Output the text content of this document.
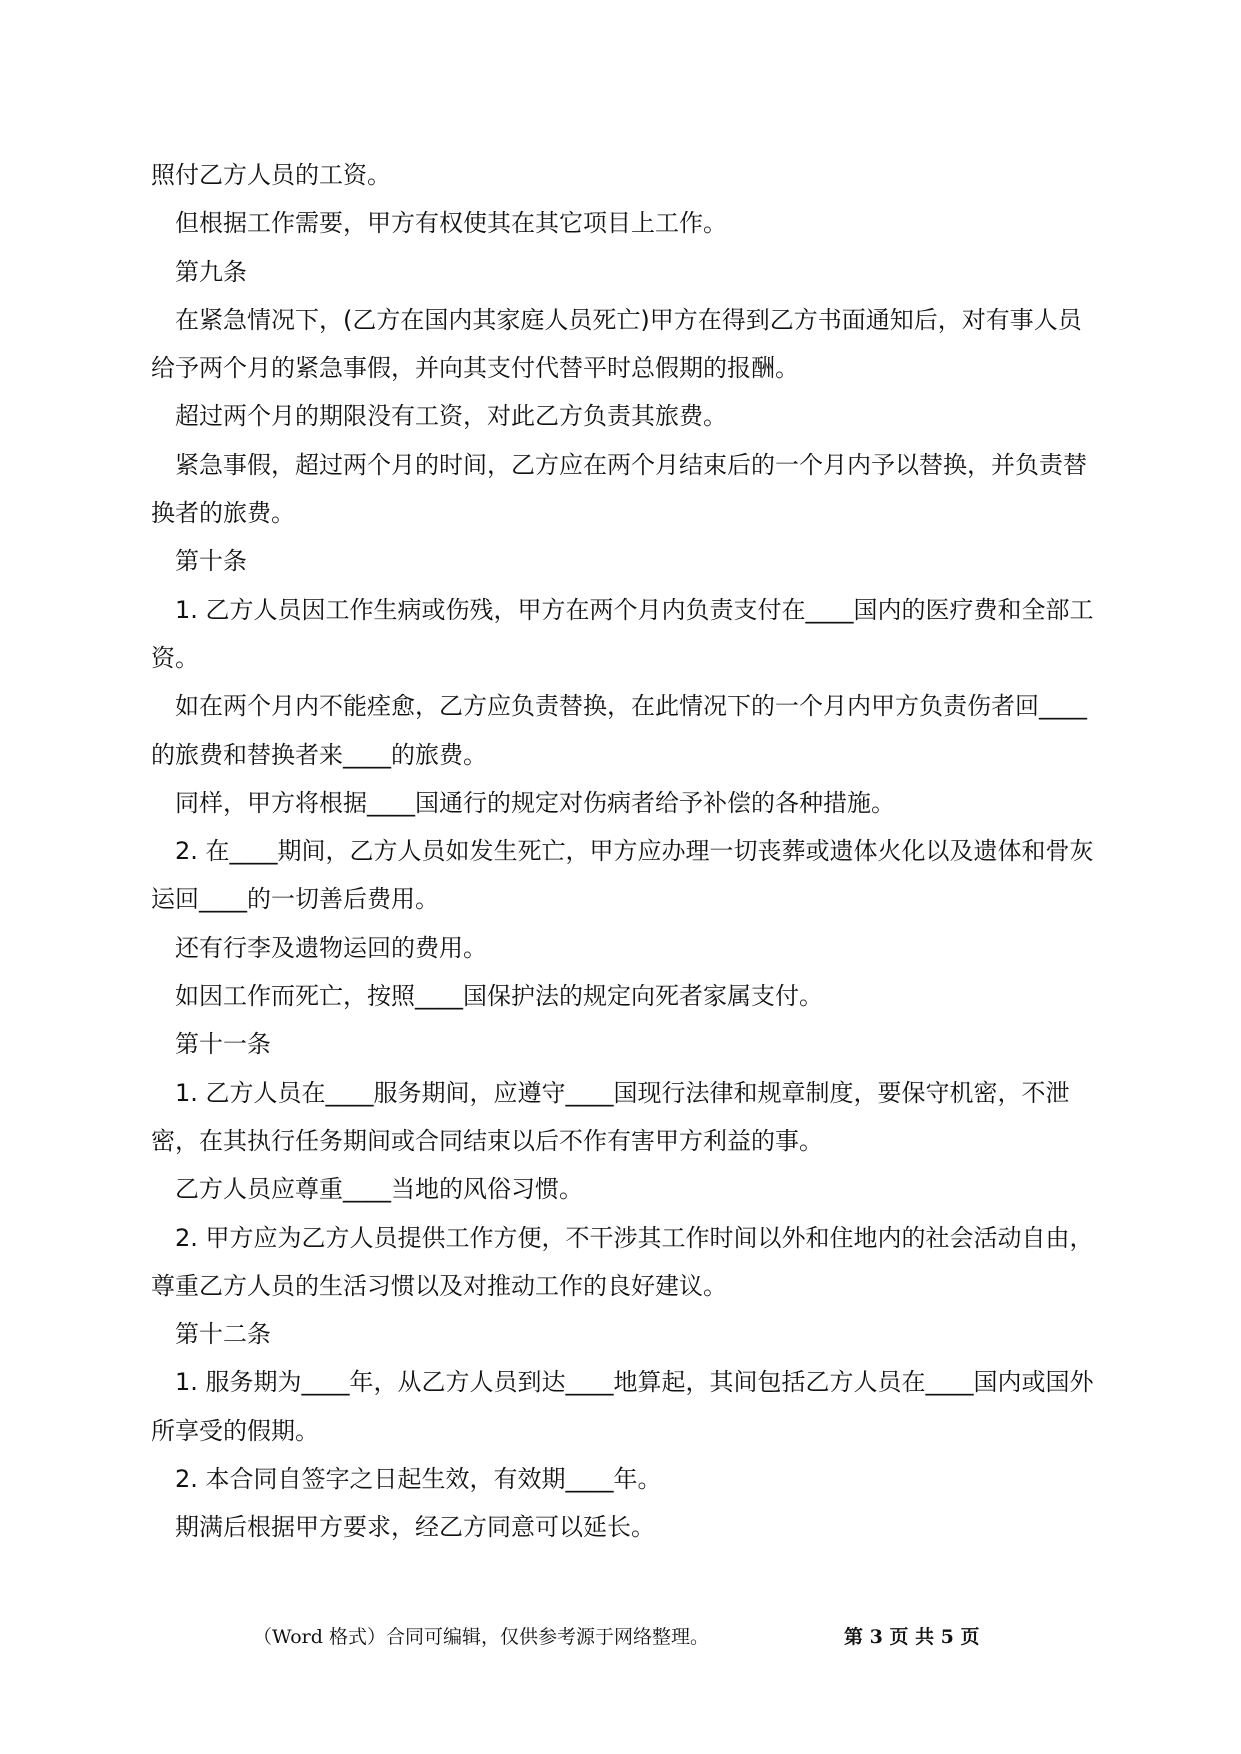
照付乙方人员的工资。

但根据工作需要，甲方有权使其在其它项目上工作。

第九条

在紧急情况下，(乙方在国内其家庭人员死亡)甲方在得到乙方书面通知后，对有事人员给予两个月的紧急事假，并向其支付代替平时总假期的报酬。

超过两个月的期限没有工资，对此乙方负责其旅费。

紧急事假，超过两个月的时间，乙方应在两个月结束后的一个月内予以替换，并负责替换者的旅费。

第十条

1. 乙方人员因工作生病或伤残，甲方在两个月内负责支付在____国内的医疗费和全部工资。

如在两个月内不能痊愈，乙方应负责替换，在此情况下的一个月内甲方负责伤者回____的旅费和替换者来____的旅费。

同样，甲方将根据____国通行的规定对伤病者给予补偿的各种措施。

2. 在____期间，乙方人员如发生死亡，甲方应办理一切丧葬或遗体火化以及遗体和骨灰运回____的一切善后费用。

还有行李及遗物运回的费用。

如因工作而死亡，按照____国保护法的规定向死者家属支付。

第十一条

1. 乙方人员在____服务期间，应遵守____国现行法律和规章制度，要保守机密，不泄密，在其执行任务期间或合同结束以后不作有害甲方利益的事。

乙方人员应尊重____当地的风俗习惯。

2. 甲方应为乙方人员提供工作方便，不干涉其工作时间以外和住地内的社会活动自由，尊重乙方人员的生活习惯以及对推动工作的良好建议。

第十二条

1. 服务期为____年，从乙方人员到达____地算起，其间包括乙方人员在____国内或国外所享受的假期。

2. 本合同自签字之日起生效，有效期____年。

期满后根据甲方要求，经乙方同意可以延长。

（Word 格式）合同可编辑，仅供参考源于网络整理。	第 3 页 共 5 页
